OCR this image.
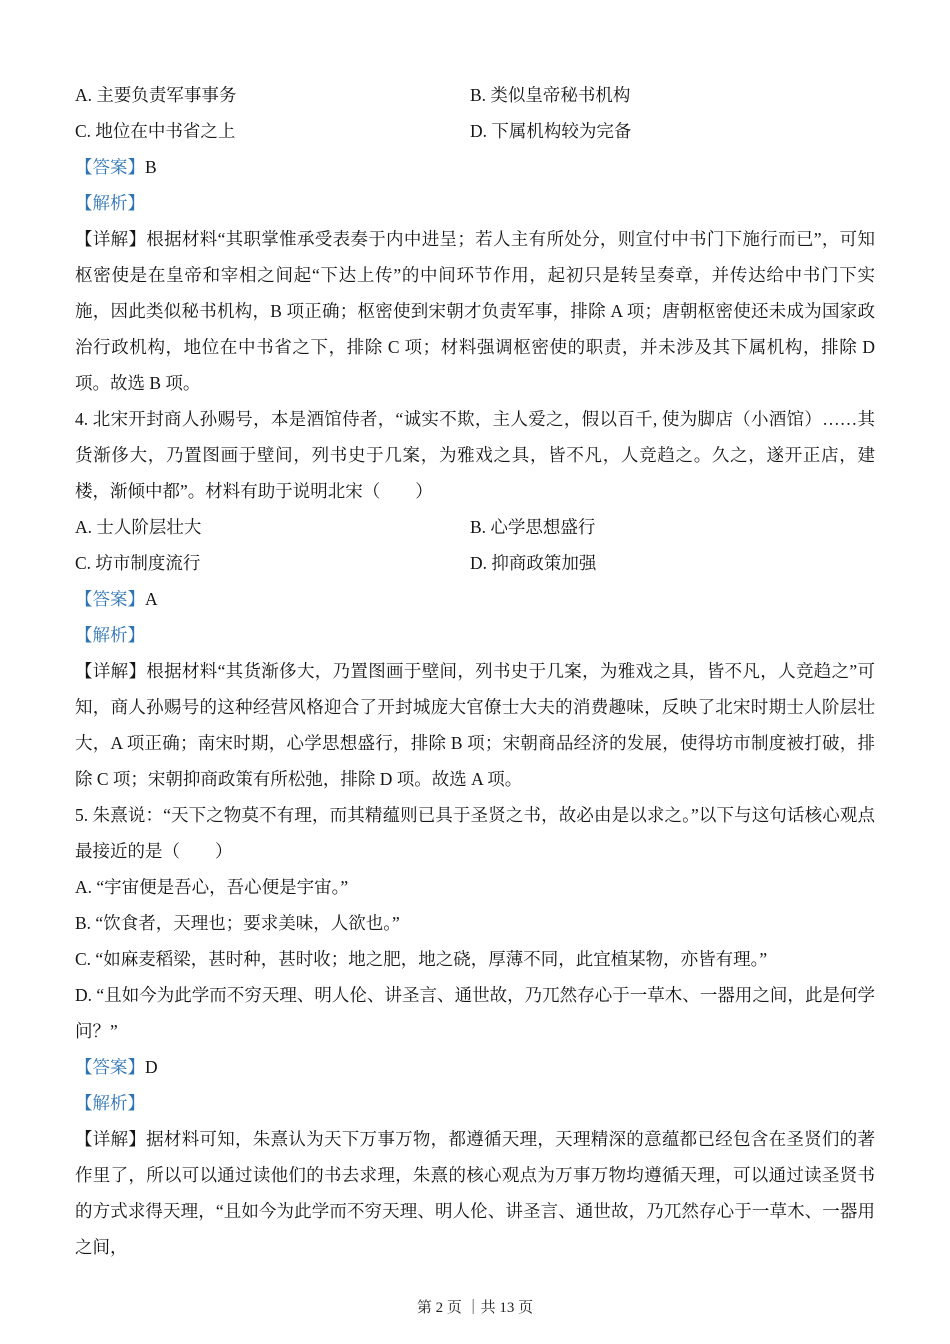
A. 主要负责军事事务	B. 类似皇帝秘书机构
C. 地位在中书省之上	D. 下属机构较为完备

【答案】B

【解析】

【详解】根据材料“其职掌惟承受表奏于内中进呈；若人主有所处分，则宣付中书门下施行而已”，可知枢密使是在皇帝和宰相之间起“下达上传”的中间环节作用，起初只是转呈奏章，并传达给中书门下实施，因此类似秘书机构，B 项正确；枢密使到宋朝才负责军事，排除 A 项；唐朝枢密使还未成为国家政治行政机构，地位在中书省之下，排除 C 项；材料强调枢密使的职责，并未涉及其下属机构，排除 D 项。故选 B 项。

4. 北宋开封商人孙赐号，本是酒馆侍者，“诚实不欺，主人爱之，假以百千, 使为脚店（小酒馆）……其货渐侈大，乃置图画于壁间，列书史于几案，为雅戏之具，皆不凡，人竞趋之。久之，遂开正店，建楼，渐倾中都”。材料有助于说明北宋（　　）

A. 士人阶层壮大	B. 心学思想盛行
C. 坊市制度流行	D. 抑商政策加强

【答案】A

【解析】

【详解】根据材料“其货渐侈大，乃置图画于壁间，列书史于几案，为雅戏之具，皆不凡，人竞趋之”可知，商人孙赐号的这种经营风格迎合了开封城庞大官僚士大夫的消费趣味，反映了北宋时期士人阶层壮大，A 项正确；南宋时期，心学思想盛行，排除 B 项；宋朝商品经济的发展，使得坊市制度被打破，排除 C 项；宋朝抑商政策有所松弛，排除 D 项。故选 A 项。

5. 朱熹说：“天下之物莫不有理，而其精蕴则已具于圣贤之书，故必由是以求之。”以下与这句话核心观点最接近的是（　　）

A. “宇宙便是吾心，吾心便是宇宙。”

B. “饮食者，天理也；要求美味，人欲也。”

C. “如麻麦稻梁，甚时种，甚时收；地之肥，地之硗，厚薄不同，此宜植某物，亦皆有理。”

D. “且如今为此学而不穷天理、明人伦、讲圣言、通世故，乃兀然存心于一草木、一器用之间，此是何学问？”

【答案】D

【解析】

【详解】据材料可知，朱熹认为天下万事万物，都遵循天理，天理精深的意蕴都已经包含在圣贤们的著作里了，所以可以通过读他们的书去求理，朱熹的核心观点为万事万物均遵循天理，可以通过读圣贤书的方式求得天理，“且如今为此学而不穷天理、明人伦、讲圣言、通世故，乃兀然存心于一草木、一器用之间，

第 2 页 ｜共 13 页
